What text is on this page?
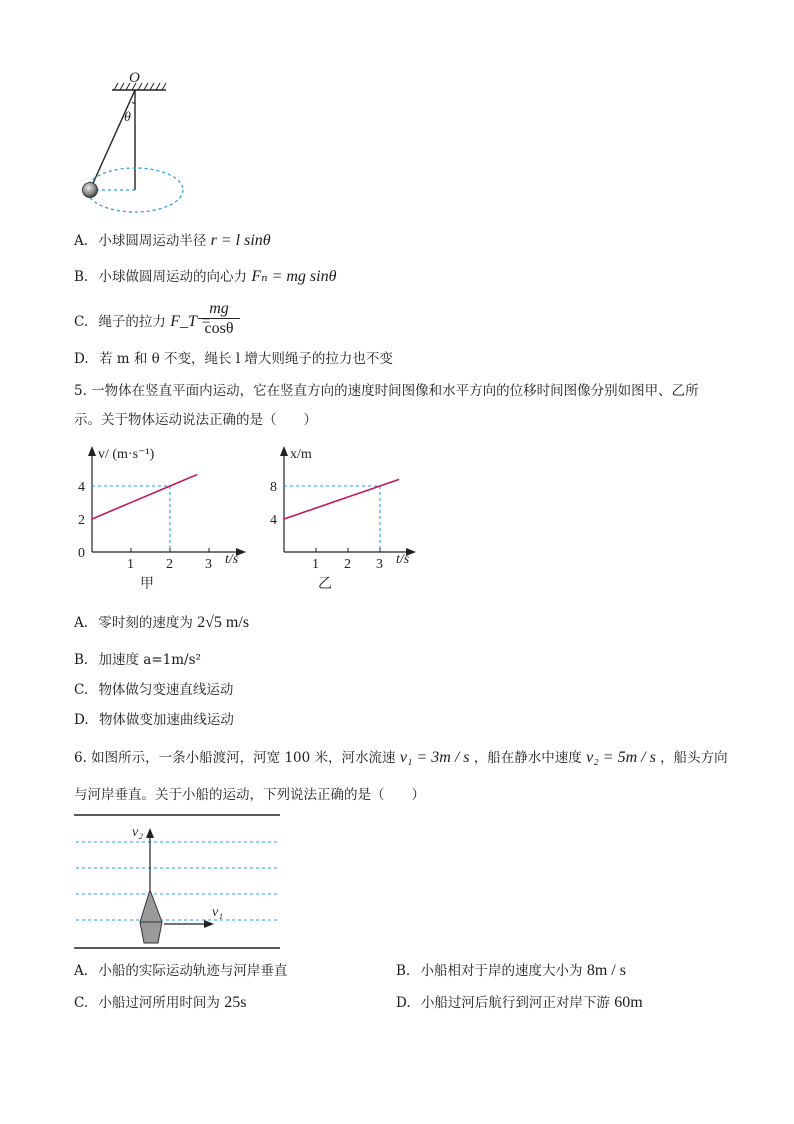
O
θ
A. 小球圆周运动半径 r = l sinθ
B. 小球做圆周运动的向心力 Fₙ = mg sinθ
C. 绳子的拉力 F_T =
mg
cosθ
D. 若 m 和 θ 不变，绳长 l 增大则绳子的拉力也不变
5. 一物体在竖直平面内运动，它在竖直方向的速度时间图像和水平方向的位移时间图像分别如图甲、乙所
示。关于物体运动说法正确的是（　　）
v/ (m·s⁻¹)
t/s
甲
1 2 3
0
2
4
x/m
t/s
乙
1 2 3
4
8
A. 零时刻的速度为 2√5 m/s
B. 加速度 a=1m/s²
C. 物体做匀变速直线运动
D. 物体做变加速曲线运动
6. 如图所示，一条小船渡河，河宽 100 米，河水流速 v₁ = 3m / s ，船在静水中速度 v₂ = 5m / s ，船头方向
与河岸垂直。关于小船的运动，下列说法正确的是（　　）
v₂
v₁
A. 小船的实际运动轨迹与河岸垂直	B. 小船相对于岸的速度大小为 8m / s
C. 小船过河所用时间为 25s	D. 小船过河后航行到河正对岸下游 60m
